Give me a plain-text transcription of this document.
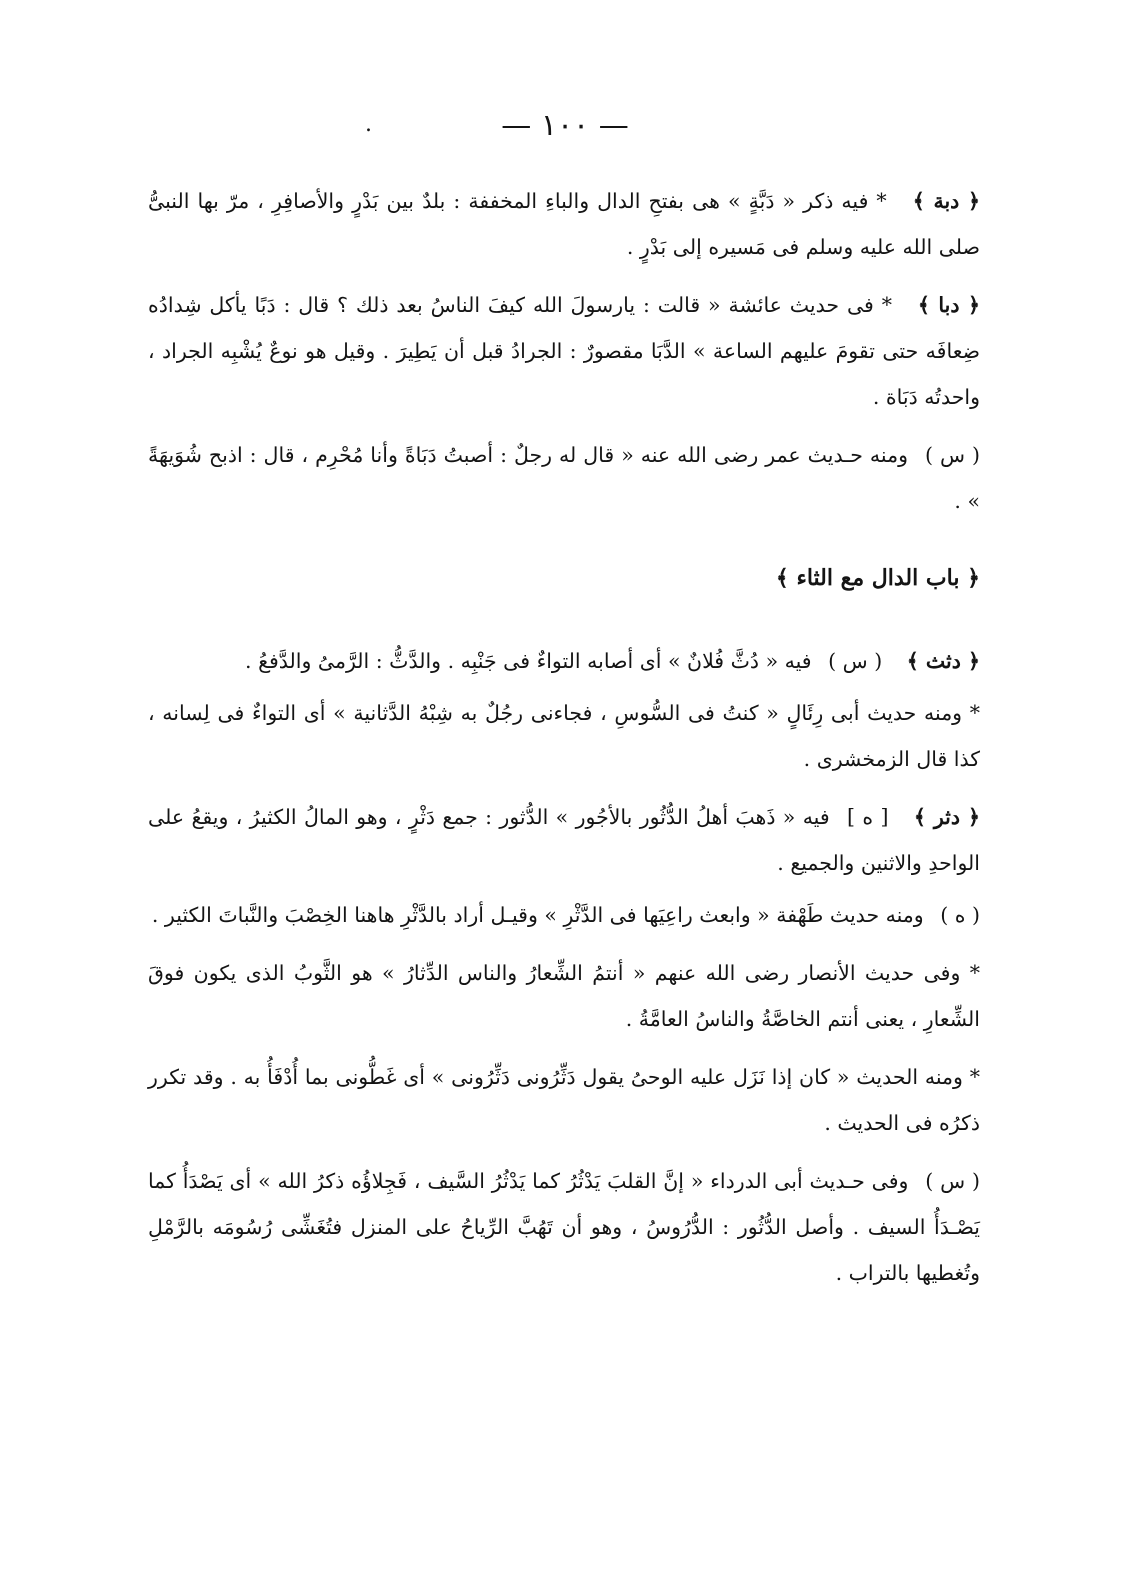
— ١٠٠ —
.

﴿ دبة ﴾ * فيه ذكر « دَبَّةٍ » هى بفتحِ الدال والباءِ المخففة : بلدٌ بين بَدْرٍ والأصافِرِ ، مرّ بها النبىُّ صلى الله عليه وسلم فى مَسيره إلى بَدْرٍ .

﴿ دبا ﴾ * فى حديث عائشة « قالت : يارسولَ الله كيفَ الناسُ بعد ذلك ؟ قال : دَبًا يأكل شِدادُه ضِعافَه حتى تقومَ عليهم الساعة » الدَّبَا مقصورٌ : الجرادُ قبل أن يَطِيرَ . وقيل هو نوعٌ يُشْبِه الجراد ، واحدتُه دَبَاة .

( س ) ومنه حـديث عمر رضى الله عنه « قال له رجلٌ : أصبتُ دَبَاةً وأنا مُحْرِم ، قال : اذبح شُوَيهَةً » .

﴿ باب الدال مع الثاء ﴾

﴿ دثث ﴾ ( س ) فيه « دُثَّ فُلانٌ » أى أصابه التواءٌ فى جَنْبِه . والدَّثُّ : الرَّمىُ والدَّفعُ .

* ومنه حديث أبى رِئَالٍ « كنتُ فى السُّوسِ ، فجاءنى رجُلٌ به شِبْهُ الدَّثانية » أى التواءٌ فى لِسانه ، كذا قال الزمخشرى .

﴿ دثر ﴾ [ ه ] فيه « ذَهبَ أهلُ الدُّثُور بالأجُور » الدُّثور : جمع دَثْرٍ ، وهو المالُ الكثيرُ ، ويقعُ على الواحدِ والاثنين والجميع .

( ه ) ومنه حديث طَهْفة « وابعث راعِيَها فى الدَّثْرِ » وقيـل أراد بالدَّثْرِ هاهنا الخِصْبَ والنَّباتَ الكثير .

* وفى حديث الأنصار رضى الله عنهم « أنتمُ الشِّعارُ والناس الدِّثارُ » هو الثَّوبُ الذى يكون فوقَ الشِّعارِ ، يعنى أنتم الخاصَّةُ والناسُ العامَّةُ .

* ومنه الحديث « كان إذا نَزَل عليه الوحىُ يقول دَثِّرُونى دَثِّرُونى » أى غَطُّونى بما أُدْفَأُ به . وقد تكرر ذكرُه فى الحديث .

( س ) وفى حـديث أبى الدرداء « إنَّ القلبَ يَدْثُرُ كما يَدْثُرُ السَّيف ، فَجِلاؤُه ذكرُ الله » أى يَصْدَأُ كما يَصْـدَأُ السيف . وأصل الدُّثُور : الدُّرُوسُ ، وهو أن تَهُبَّ الرِّياحُ على المنزل فتُغَشِّى رُسُومَه بالرَّمْلِ وتُغطيها بالتراب .
